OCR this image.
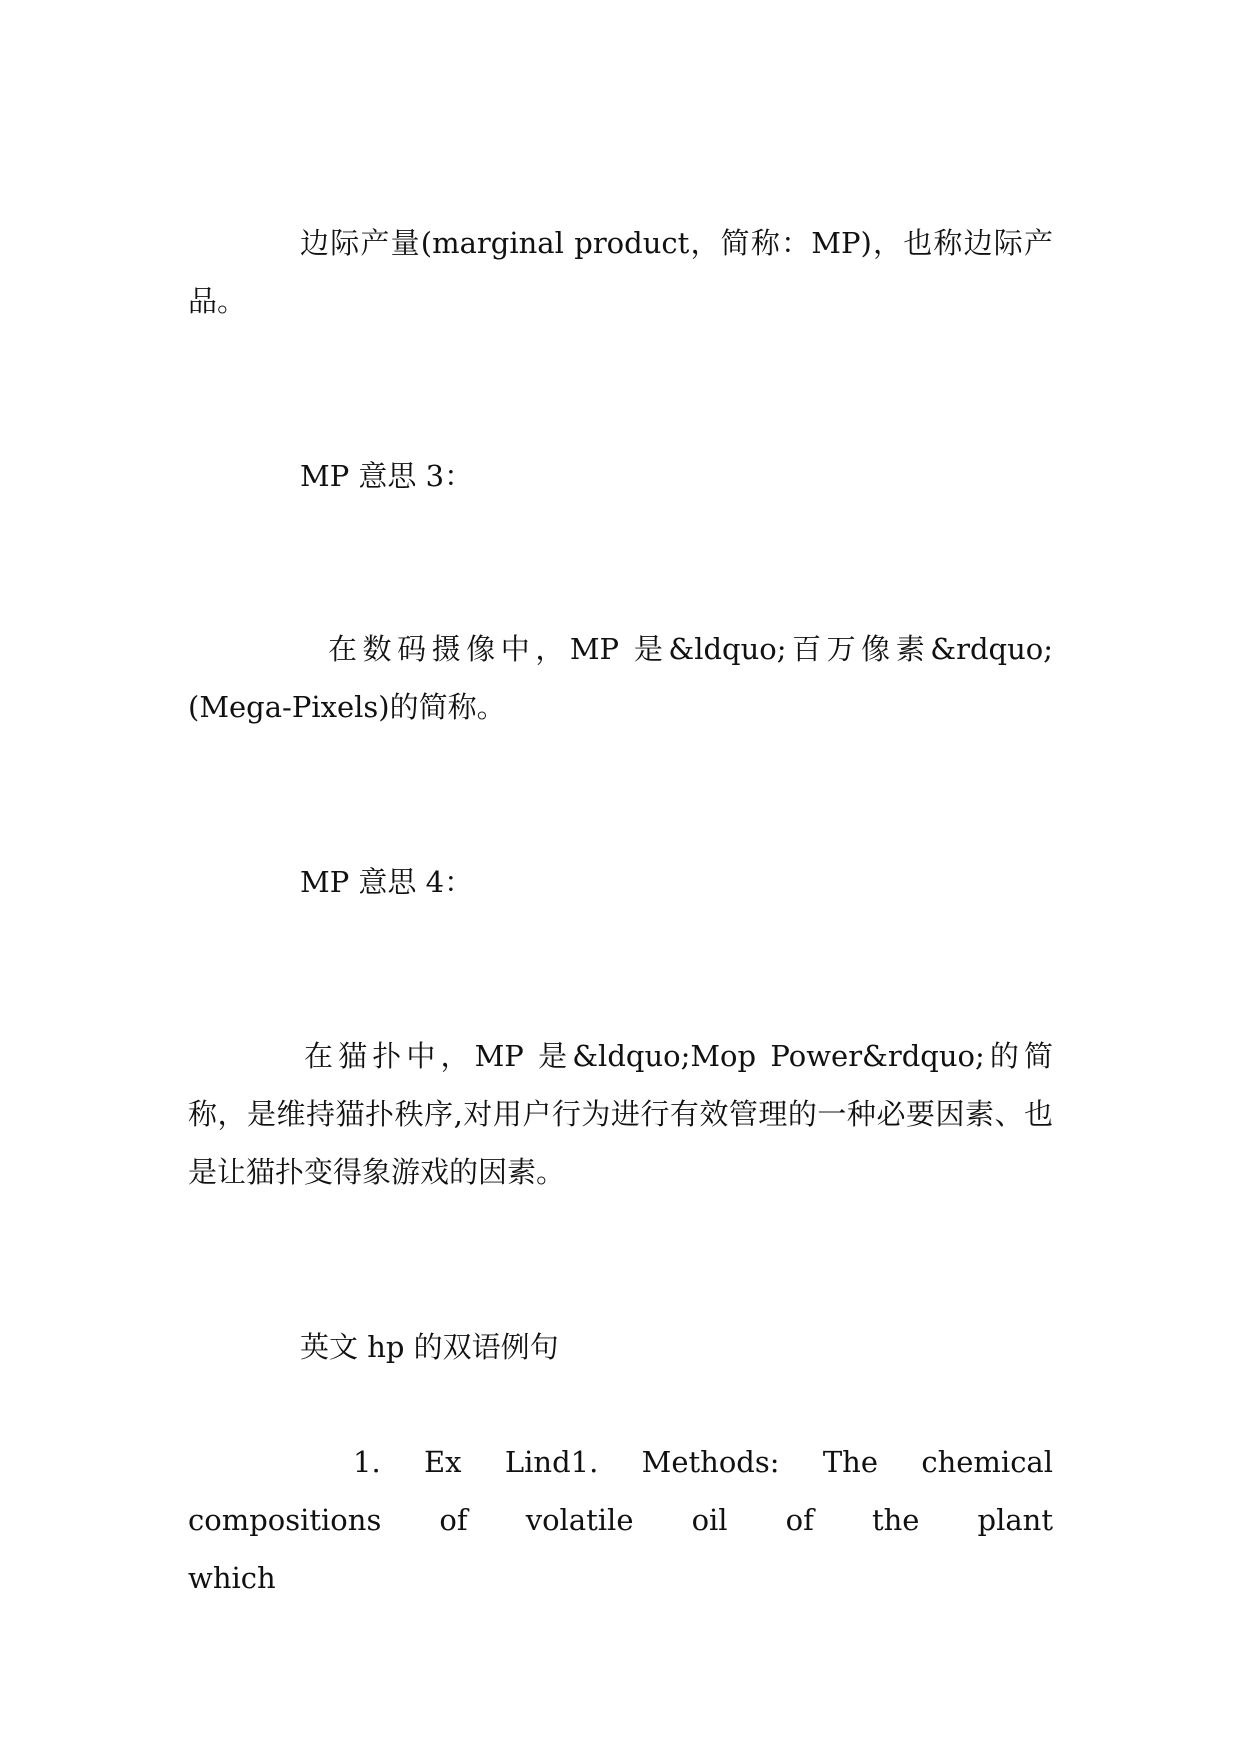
边际产量(marginal product，简称：MP)，也称边际产品。

MP 意思 3：

在数码摄像中，MP 是&ldquo;百万像素&rdquo;(Mega-Pixels)的简称。

MP 意思 4：

在猫扑中，MP 是&ldquo;Mop Power&rdquo;的简称，是维持猫扑秩序,对用户行为进行有效管理的一种必要因素、也是让猫扑变得象游戏的因素。

英文 hp 的双语例句

1. Ex Lind1. Methods: The chemical compositions of volatile oil of the plant which
